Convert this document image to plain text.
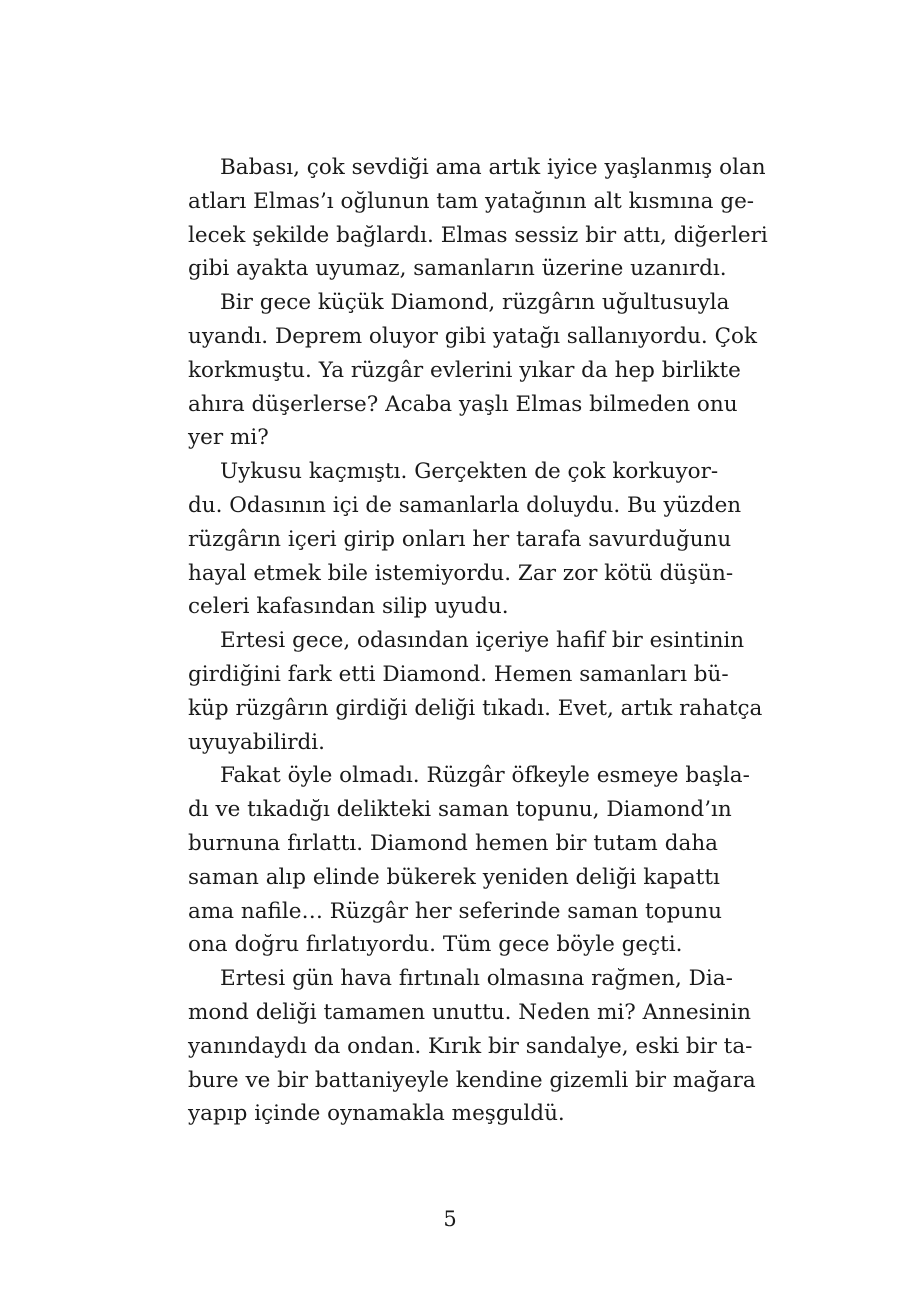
Babası, çok sevdiği ama artık iyice yaşlanmış olan
atları Elmas’ı oğlunun tam yatağının alt kısmına ge-
lecek şekilde bağlardı. Elmas sessiz bir attı, diğerleri
gibi ayakta uyumaz, samanların üzerine uzanırdı.

Bir gece küçük Diamond, rüzgârın uğultusuyla
uyandı. Deprem oluyor gibi yatağı sallanıyordu. Çok
korkmuştu. Ya rüzgâr evlerini yıkar da hep birlikte
ahıra düşerlerse? Acaba yaşlı Elmas bilmeden onu
yer mi?

Uykusu kaçmıştı. Gerçekten de çok korkuyor-
du. Odasının içi de samanlarla doluydu. Bu yüzden
rüzgârın içeri girip onları her tarafa savurduğunu
hayal etmek bile istemiyordu. Zar zor kötü düşün-
celeri kafasından silip uyudu.

Ertesi gece, odasından içeriye hafif bir esintinin
girdiğini fark etti Diamond. Hemen samanları bü-
küp rüzgârın girdiği deliği tıkadı. Evet, artık rahatça
uyuyabilirdi.

Fakat öyle olmadı. Rüzgâr öfkeyle esmeye başla-
dı ve tıkadığı delikteki saman topunu, Diamond’ın
burnuna fırlattı. Diamond hemen bir tutam daha
saman alıp elinde bükerek yeniden deliği kapattı
ama nafile… Rüzgâr her seferinde saman topunu
ona doğru fırlatıyordu. Tüm gece böyle geçti.

Ertesi gün hava fırtınalı olmasına rağmen, Dia-
mond deliği tamamen unuttu. Neden mi? Annesinin
yanındaydı da ondan. Kırık bir sandalye, eski bir ta-
bure ve bir battaniyeyle kendine gizemli bir mağara
yapıp içinde oynamakla meşguldü.

5
